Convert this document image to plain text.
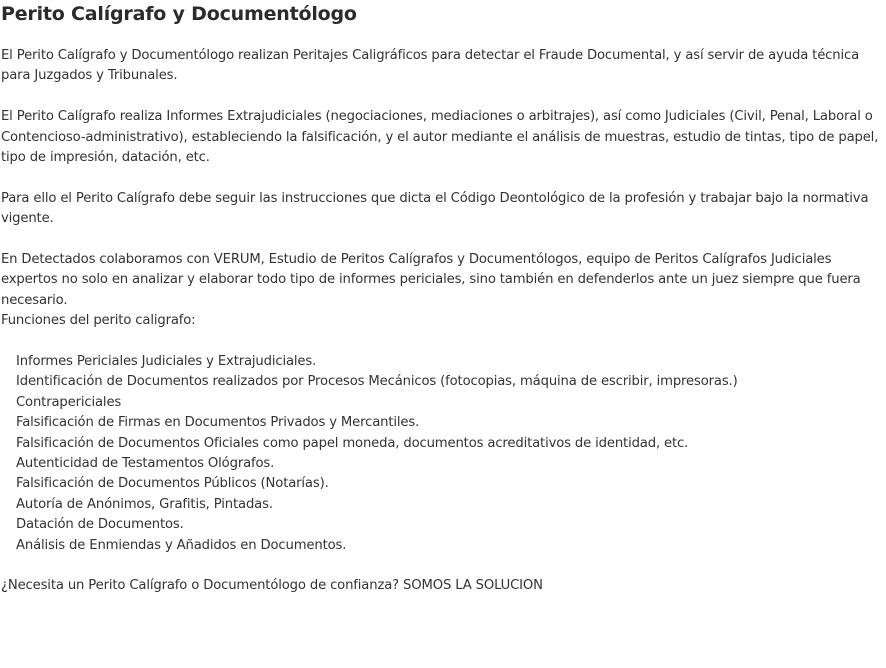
Perito Calígrafo y Documentólogo

El Perito Calígrafo y Documentólogo realizan Peritajes Caligráficos para detectar el Fraude Documental, y así servir de ayuda técnica para Juzgados y Tribunales.

El Perito Calígrafo realiza Informes Extrajudiciales (negociaciones, mediaciones o arbitrajes), así como Judiciales (Civil, Penal, Laboral o Contencioso-administrativo), estableciendo la falsificación, y el autor mediante el análisis de muestras, estudio de tintas, tipo de papel, tipo de impresión, datación, etc.

Para ello el Perito Calígrafo debe seguir las instrucciones que dicta el Código Deontológico de la profesión y trabajar bajo la normativa vigente.

En Detectados colaboramos con VERUM, Estudio de Peritos Calígrafos y Documentólogos, equipo de Peritos Calígrafos Judiciales expertos no solo en analizar y elaborar todo tipo de informes periciales, sino también en defenderlos ante un juez siempre que fuera necesario.

Funciones del perito caligrafo:

Informes Periciales Judiciales y Extrajudiciales.
Identificación de Documentos realizados por Procesos Mecánicos (fotocopias, máquina de escribir, impresoras.)
Contrapericiales
Falsificación de Firmas en Documentos Privados y Mercantiles.
Falsificación de Documentos Oficiales como papel moneda, documentos acreditativos de identidad, etc.
Autenticidad de Testamentos Ológrafos.
Falsificación de Documentos Públicos (Notarías).
Autoría de Anónimos, Grafitis, Pintadas.
Datación de Documentos.
Análisis de Enmiendas y Añadidos en Documentos.

¿Necesita un Perito Calígrafo o Documentólogo de confianza? SOMOS LA SOLUCION
